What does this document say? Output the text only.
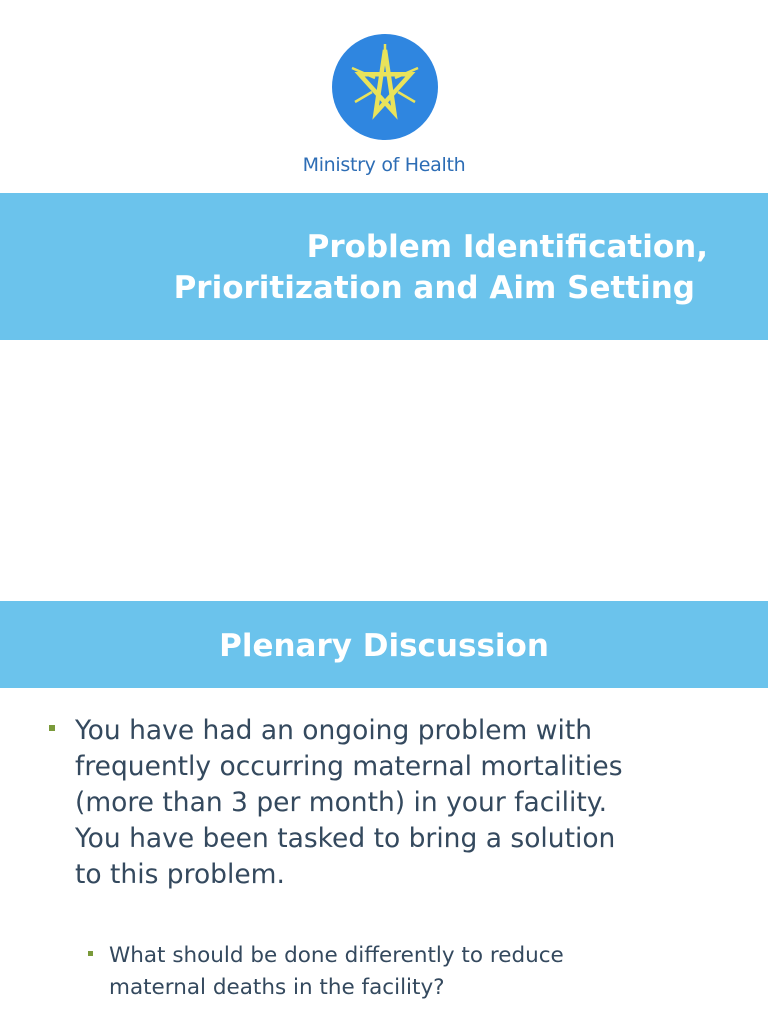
Ministry of Health
Problem Identification,
Prioritization and Aim Setting
Plenary Discussion

You have had an ongoing problem with
frequently occurring maternal mortalities
(more than 3 per month) in your facility.
You have been tasked to bring a solution
to this problem.

What should be done differently to reduce
maternal deaths in the facility?
